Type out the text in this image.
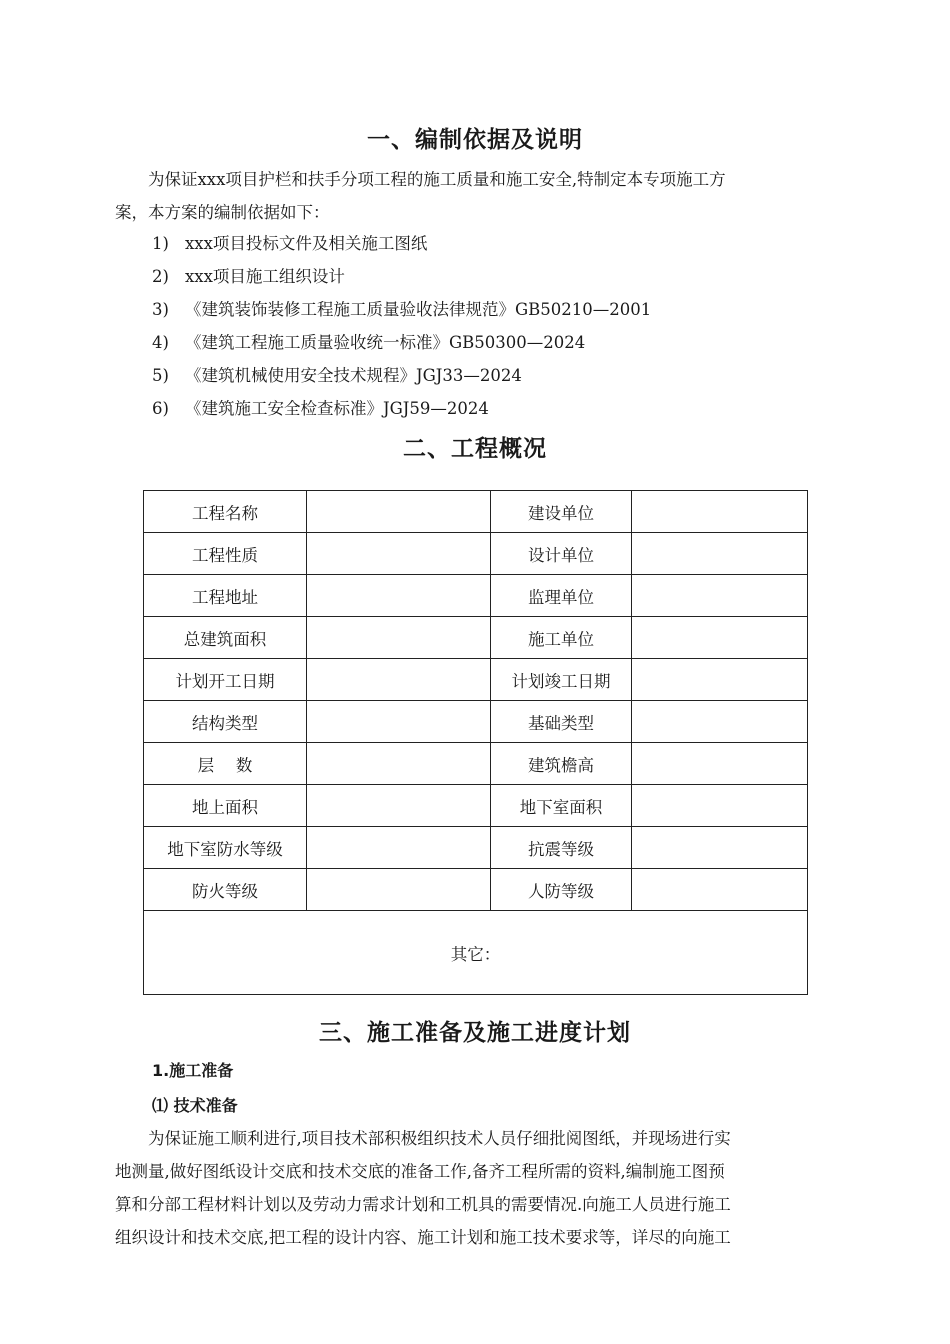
一、编制依据及说明
为保证xxx项目护栏和扶手分项工程的施工质量和施工安全,特制定本专项施工方
案，本方案的编制依据如下：
1) xxx项目投标文件及相关施工图纸
2) xxx项目施工组织设计
3) 《建筑装饰装修工程施工质量验收法律规范》GB50210—2001
4) 《建筑工程施工质量验收统一标准》GB50300—2024
5) 《建筑机械使用安全技术规程》JGJ33—2024
6) 《建筑施工安全检查标准》JGJ59—2024
二、工程概况
工程名称		建设单位	
工程性质		设计单位	
工程地址		监理单位	
总建筑面积		施工单位	
计划开工日期		计划竣工日期	
结构类型		基础类型	
层　 数		建筑檐高	
地上面积		地下室面积	
地下室防水等级		抗震等级	
防火等级		人防等级	
其它：			
三、施工准备及施工进度计划
1.施工准备
⑴ 技术准备
为保证施工顺利进行,项目技术部积极组织技术人员仔细批阅图纸，并现场进行实
地测量,做好图纸设计交底和技术交底的准备工作,备齐工程所需的资料,编制施工图预
算和分部工程材料计划以及劳动力需求计划和工机具的需要情况.向施工人员进行施工
组织设计和技术交底,把工程的设计内容、施工计划和施工技术要求等，详尽的向施工
